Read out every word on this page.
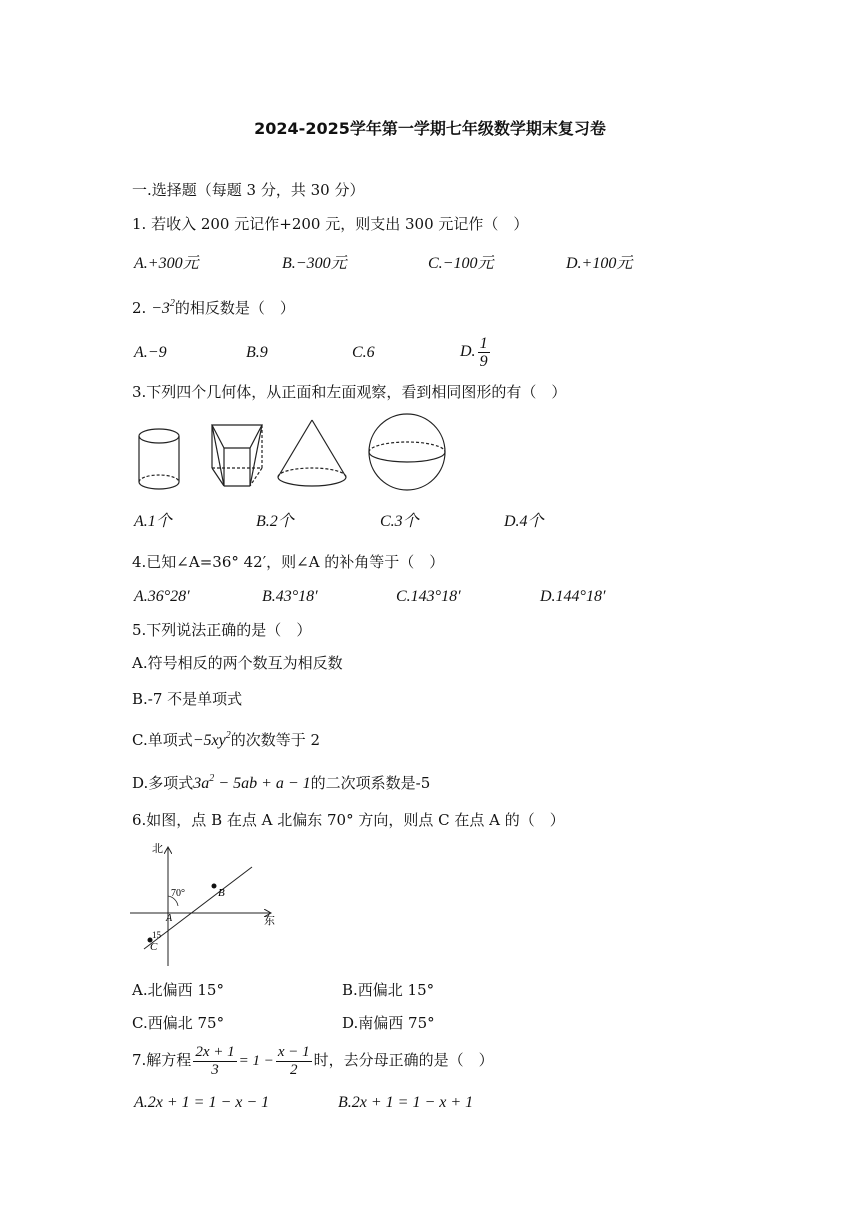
2024-2025学年第一学期七年级数学期末复习卷
一.选择题（每题 3 分，共 30 分）
1. 若收入 200 元记作+200 元，则支出 300 元记作（　）
A.+300元	B.−300元	C.−100元	D.+100元
2. $-3^2$的相反数是（　）
A.−9	B.9	C.6	D. $\frac{1}{9}$
3.下列四个几何体，从正面和左面观察，看到相同图形的有（　）
A.1个	B.2个	C.3个	D.4个
4.已知∠A=36° 42′，则∠A 的补角等于（　）
A.36°28′	B.43°18′	C.143°18′	D.144°18′
5.下列说法正确的是（　）
A.符号相反的两个数互为相反数
B.-7 不是单项式
C.单项式$-5xy^2$的次数等于 2
D.多项式$3a^2 - 5ab + a - 1$的二次项系数是-5
6.如图，点 B 在点 A 北偏东 70° 方向，则点 C 在点 A 的（　）
北
东
70°
15
A
B
C
A.北偏西 15°	B.西偏北 15°
C.西偏北 75°	D.南偏西 75°
7.解方程 $\frac{2x + 1}{3} = 1 - \frac{x - 1}{2}$ 时，去分母正确的是（　）
A.2x + 1 = 1 − x − 1	B.2x + 1 = 1 − x + 1
